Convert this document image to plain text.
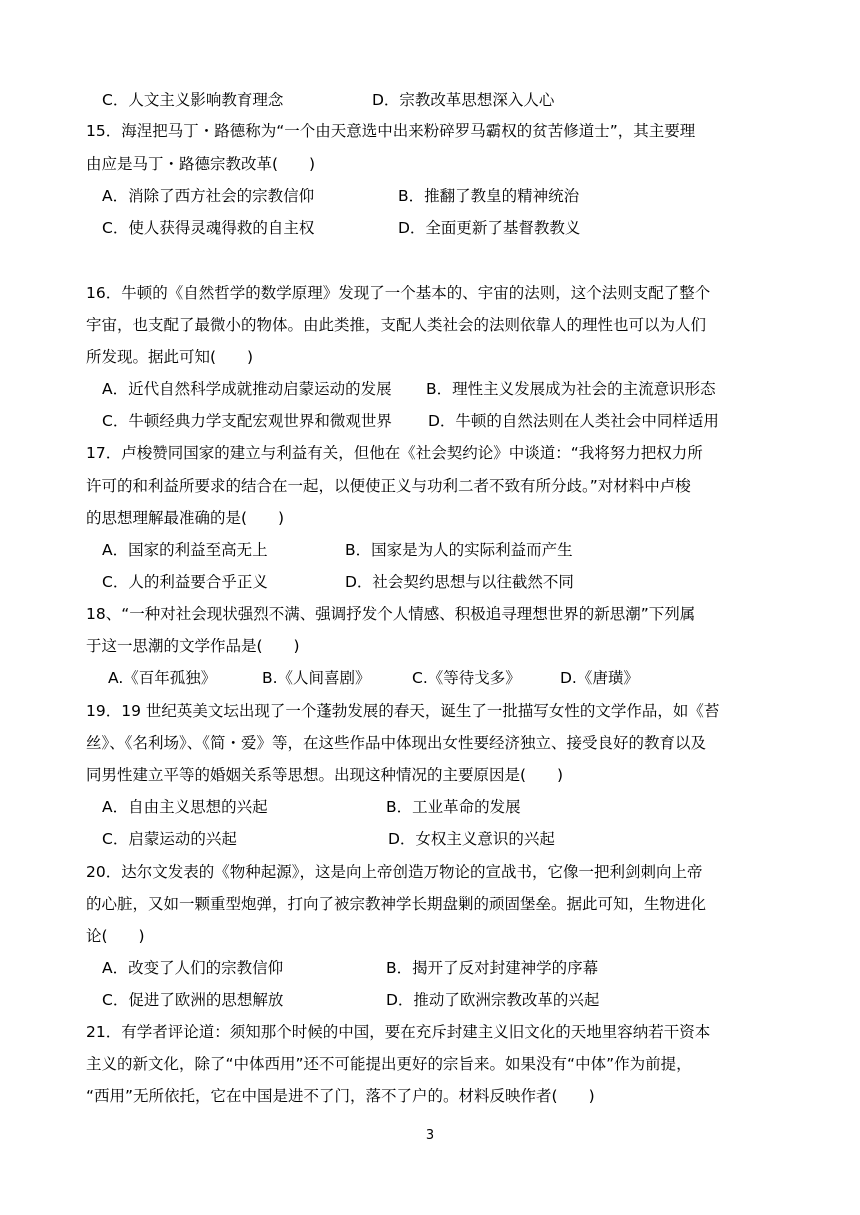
C．人文主义影响教育理念	D．宗教改革思想深入人心
15．海涅把马丁・路德称为“一个由天意选中出来粉碎罗马霸权的贫苦修道士”，其主要理
由应是马丁・路德宗教改革(　　)
A．消除了西方社会的宗教信仰	B．推翻了教皇的精神统治
C．使人获得灵魂得救的自主权	D．全面更新了基督教教义
16．牛顿的《自然哲学的数学原理》发现了一个基本的、宇宙的法则，这个法则支配了整个
宇宙，也支配了最微小的物体。由此类推，支配人类社会的法则依靠人的理性也可以为人们
所发现。据此可知(　　)
A．近代自然科学成就推动启蒙运动的发展 B．理性主义发展成为社会的主流意识形态
C．牛顿经典力学支配宏观世界和微观世界 D．牛顿的自然法则在人类社会中同样适用
17．卢梭赞同国家的建立与利益有关，但他在《社会契约论》中谈道：“我将努力把权力所
许可的和利益所要求的结合在一起，以便使正义与功利二者不致有所分歧。”对材料中卢梭
的思想理解最准确的是(　　)
A．国家的利益至高无上	B．国家是为人的实际利益而产生
C．人的利益要合乎正义	D．社会契约思想与以往截然不同
18、“一种对社会现状强烈不满、强调抒发个人情感、积极追寻理想世界的新思潮”下列属
于这一思潮的文学作品是(　　)
A.《百年孤独》	B.《人间喜剧》	C.《等待戈多》	D.《唐璜》
19．19 世纪英美文坛出现了一个蓬勃发展的春天，诞生了一批描写女性的文学作品，如《苔
丝》、《名利场》、《简・爱》等，在这些作品中体现出女性要经济独立、接受良好的教育以及
同男性建立平等的婚姻关系等思想。出现这种情况的主要原因是(　　)
A．自由主义思想的兴起	B．工业革命的发展
C．启蒙运动的兴起	D．女权主义意识的兴起
20．达尔文发表的《物种起源》，这是向上帝创造万物论的宣战书，它像一把利剑刺向上帝
的心脏，又如一颗重型炮弹，打向了被宗教神学长期盘剿的顽固堡垒。据此可知，生物进化
论(　　)
A．改变了人们的宗教信仰	B．揭开了反对封建神学的序幕
C．促进了欧洲的思想解放	D．推动了欧洲宗教改革的兴起
21．有学者评论道：须知那个时候的中国，要在充斥封建主义旧文化的天地里容纳若干资本
主义的新文化，除了“中体西用”还不可能提出更好的宗旨来。如果没有“中体”作为前提，
“西用”无所依托，它在中国是进不了门，落不了户的。材料反映作者(　　)
3
